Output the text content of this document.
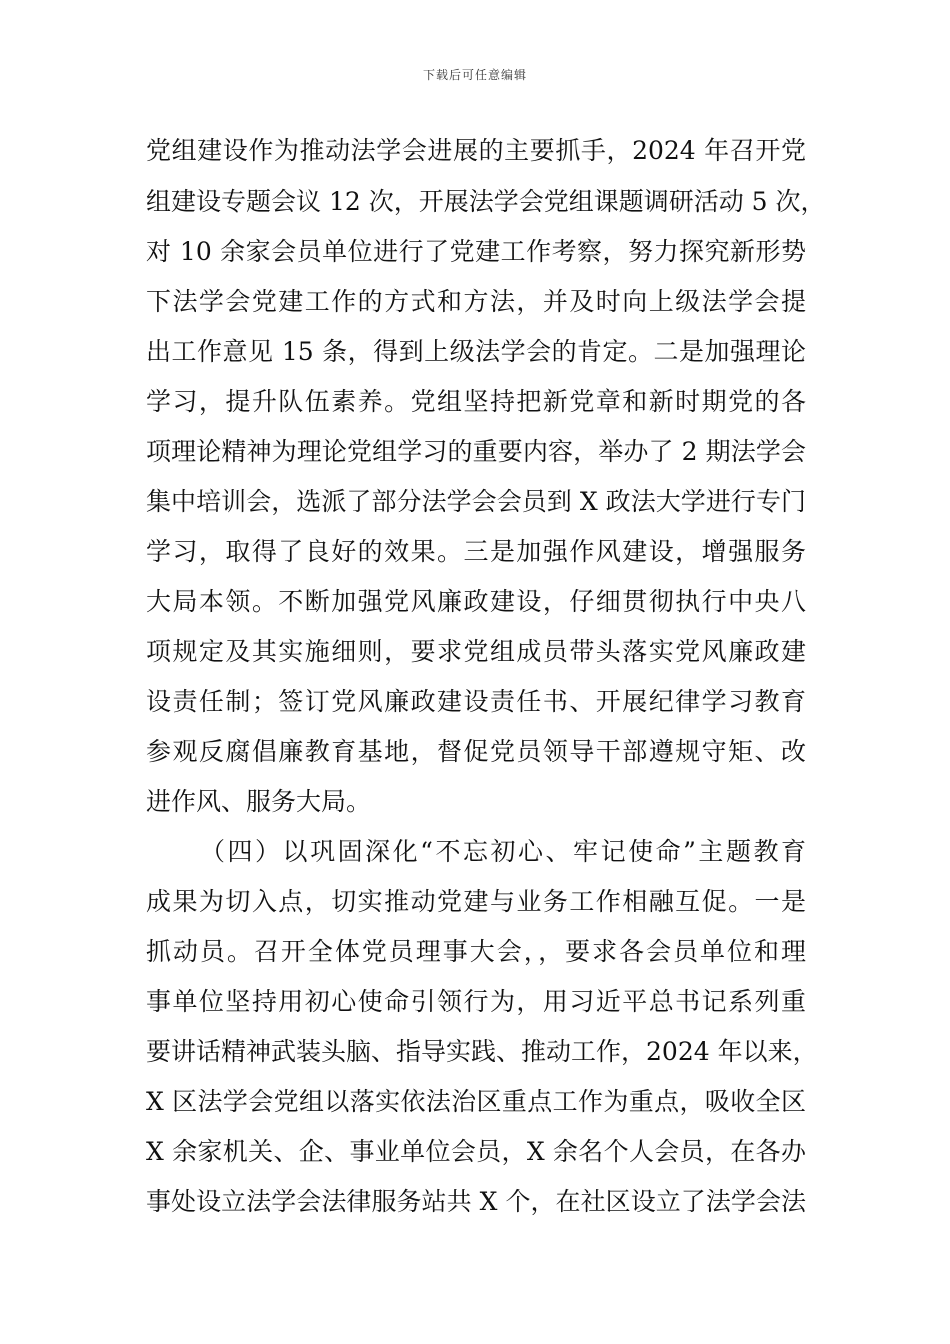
下载后可任意编辑
党组建设作为推动法学会进展的主要抓手，2024 年召开党
组建设专题会议 12 次，开展法学会党组课题调研活动 5 次，
对 10 余家会员单位进行了党建工作考察，努力探究新形势
下法学会党建工作的方式和方法，并及时向上级法学会提
出工作意见 15 条，得到上级法学会的肯定。二是加强理论
学习，提升队伍素养。党组坚持把新党章和新时期党的各
项理论精神为理论党组学习的重要内容，举办了 2 期法学会
集中培训会，选派了部分法学会会员到 X 政法大学进行专门
学习，取得了良好的效果。三是加强作风建设，增强服务
大局本领。不断加强党风廉政建设，仔细贯彻执行中央八
项规定及其实施细则，要求党组成员带头落实党风廉政建
设责任制；签订党风廉政建设责任书、开展纪律学习教育
参观反腐倡廉教育基地，督促党员领导干部遵规守矩、改
进作风、服务大局。
（四）以巩固深化“不忘初心、牢记使命”主题教育
成果为切入点，切实推动党建与业务工作相融互促。一是
抓动员。召开全体党员理事大会，，要求各会员单位和理
事单位坚持用初心使命引领行为，用习近平总书记系列重
要讲话精神武装头脑、指导实践、推动工作，2024 年以来，
X 区法学会党组以落实依法治区重点工作为重点，吸收全区
X 余家机关、企、事业单位会员，X 余名个人会员，在各办
事处设立法学会法律服务站共 X 个，在社区设立了法学会法
